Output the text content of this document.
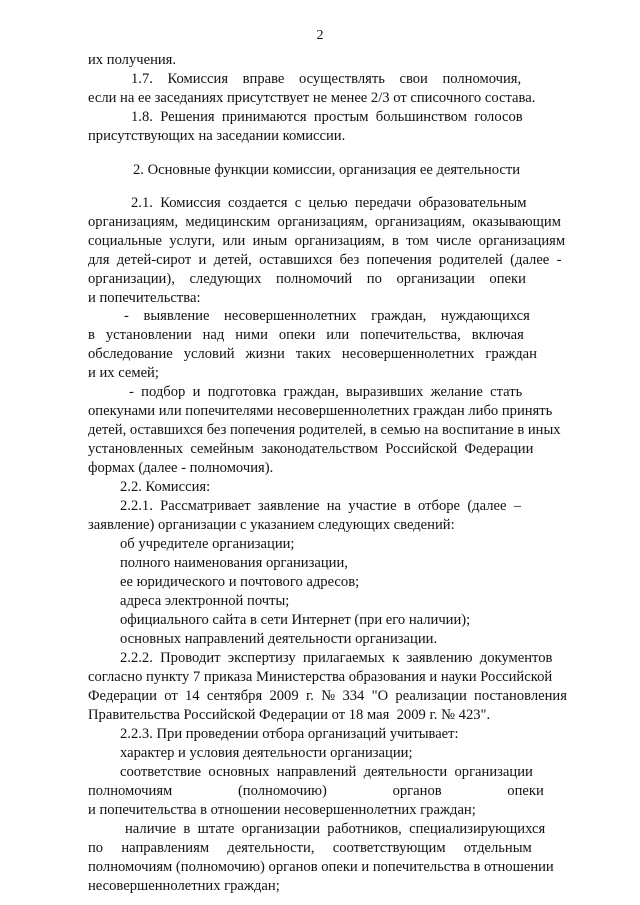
2
их получения.
1.7.    Комиссия    вправе    осуществлять    свои    полномочия,
если на ее заседаниях присутствует не менее 2/3 от списочного состава.
1.8.  Решения  принимаются  простым  большинством  голосов
присутствующих на заседании комиссии.
2. Основные функции комиссии, организация ее деятельности
2.1.  Комиссия  создается  с  целью  передачи  образовательным
организациям,  медицинским  организациям,  организациям,  оказывающим
социальные  услуги,  или  иным  организациям,  в  том  числе  организациям
для  детей-сирот  и  детей,  оставшихся  без  попечения  родителей  (далее  -
организации),    следующих    полномочий    по    организации    опеки
и попечительства:
-    выявление    несовершеннолетних    граждан,    нуждающихся
в   установлении   над   ними   опеки   или   попечительства,   включая
обследование   условий   жизни   таких   несовершеннолетних   граждан
и их семей;
-  подбор  и  подготовка  граждан,  выразивших  желание  стать
опекунами или попечителями несовершеннолетних граждан либо принять
детей, оставшихся без попечения родителей, в семью на воспитание в иных
установленных  семейным  законодательством  Российской  Федерации
формах (далее - полномочия).
2.2. Комиссия:
2.2.1.  Рассматривает  заявление  на  участие  в  отборе  (далее  –
заявление) организации с указанием следующих сведений:
об учредителе организации;
полного наименования организации,
ее юридического и почтового адресов;
адреса электронной почты;
официального сайта в сети Интернет (при его наличии);
основных направлений деятельности организации.
2.2.2.  Проводит  экспертизу  прилагаемых  к  заявлению  документов
согласно пункту 7 приказа Министерства образования и науки Российской
Федерации  от  14  сентября  2009  г.  №  334  "О  реализации  постановления
Правительства Российской Федерации от 18 мая  2009 г. № 423".
2.2.3. При проведении отбора организаций учитывает:
характер и условия деятельности организации;
соответствие  основных  направлений  деятельности  организации
полномочиям                  (полномочию)                  органов                  опеки
и попечительства в отношении несовершеннолетних граждан;
наличие  в  штате  организации  работников,  специализирующихся
по     направлениям     деятельности,     соответствующим     отдельным
полномочиям (полномочию) органов опеки и попечительства в отношении
несовершеннолетних граждан;
